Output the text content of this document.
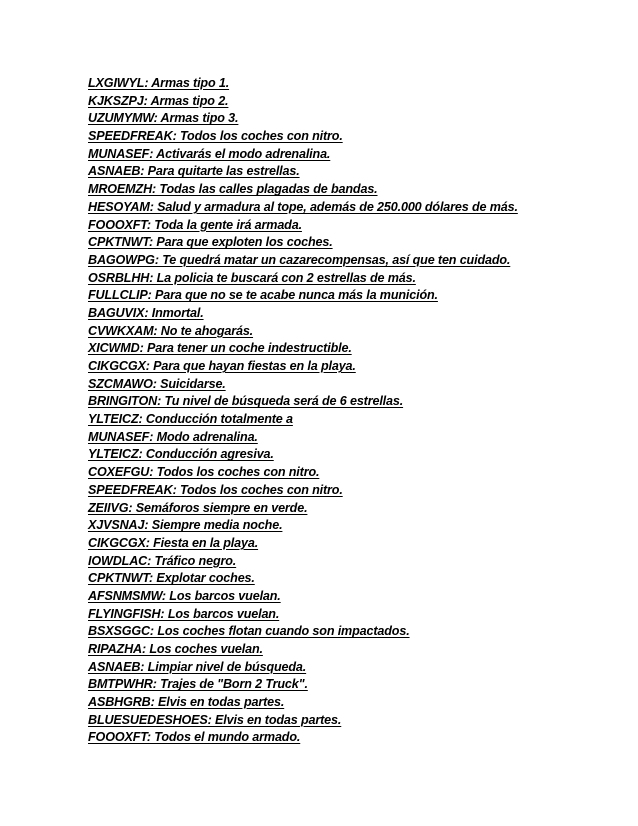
LXGIWYL: Armas tipo 1.
KJKSZPJ: Armas tipo 2.
UZUMYMW: Armas tipo 3.
SPEEDFREAK: Todos los coches con nitro.
MUNASEF: Activarás el modo adrenalina.
ASNAEB: Para quitarte las estrellas.
MROEMZH: Todas las calles plagadas de bandas.
HESOYAM: Salud y armadura al tope, además de 250.000 dólares de más.
FOOOXFT: Toda la gente irá armada.
CPKTNWT: Para que exploten los coches.
BAGOWPG: Te quedrá matar un cazarecompensas, así que ten cuidado.
OSRBLHH: La policia te buscará con 2 estrellas de más.
FULLCLIP: Para que no se te acabe nunca más la munición.
BAGUVIX: Inmortal.
CVWKXAM: No te ahogarás.
XICWMD: Para tener un coche indestructible.
CIKGCGX: Para que hayan fiestas en la playa.
SZCMAWO: Suicidarse.
BRINGITON: Tu nivel de búsqueda será de 6 estrellas.
YLTEICZ: Conducción totalmente a
MUNASEF: Modo adrenalina.
YLTEICZ: Conducción agresiva.
COXEFGU: Todos los coches con nitro.
SPEEDFREAK: Todos los coches con nitro.
ZEIIVG: Semáforos siempre en verde.
XJVSNAJ: Siempre media noche.
CIKGCGX: Fiesta en la playa.
IOWDLAC: Tráfico negro.
CPKTNWT: Explotar coches.
AFSNMSMW: Los barcos vuelan.
FLYINGFISH: Los barcos vuelan.
BSXSGGC: Los coches flotan cuando son impactados.
RIPAZHA: Los coches vuelan.
ASNAEB: Limpiar nivel de búsqueda.
BMTPWHR: Trajes de "Born 2 Truck".
ASBHGRB: Elvis en todas partes.
BLUESUEDESHOES: Elvis en todas partes.
FOOOXFT: Todos el mundo armado.
